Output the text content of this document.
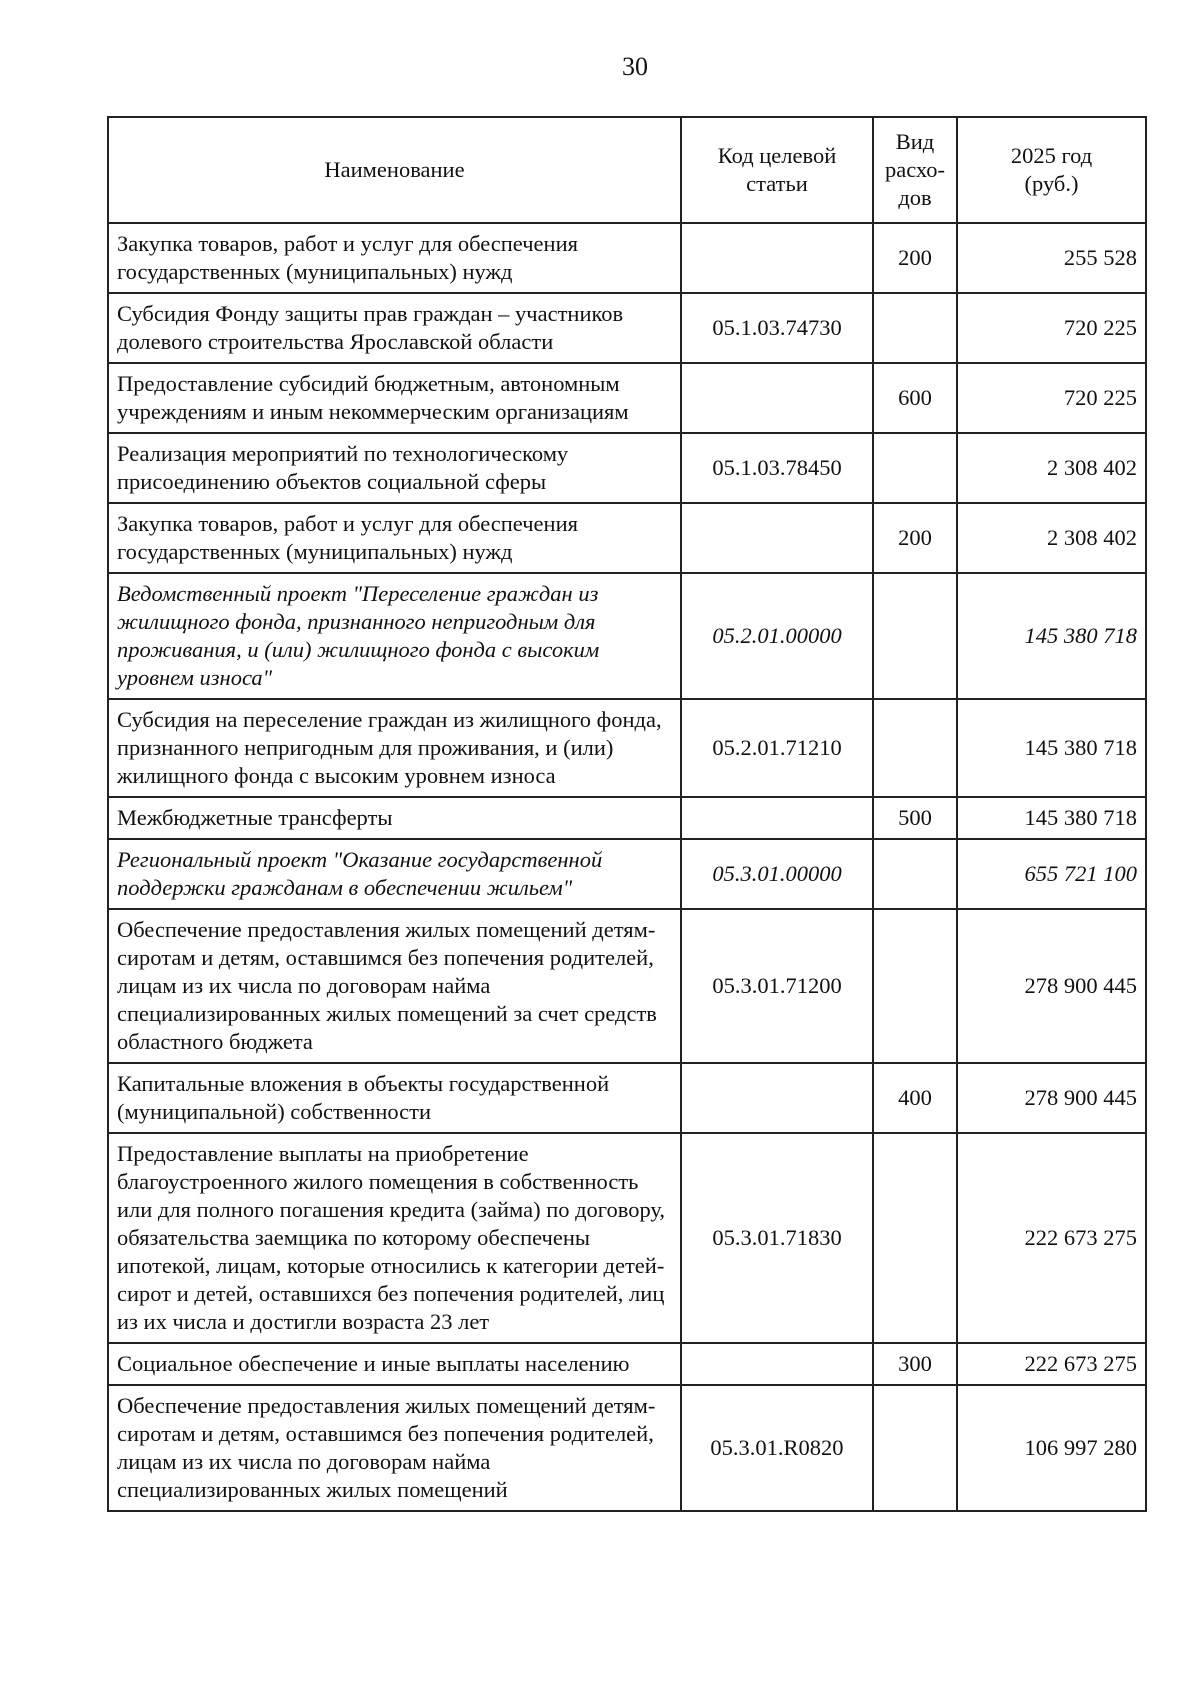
30
Наименование	Код целевой статьи	Вид расхо-дов	2025 год (руб.)
Закупка товаров, работ и услуг для обеспечения государственных (муниципальных) нужд		200	255 528
Субсидия Фонду защиты прав граждан – участников долевого строительства Ярославской области	05.1.03.74730		720 225
Предоставление субсидий бюджетным, автономным учреждениям и иным некоммерческим организациям		600	720 225
Реализация мероприятий по технологическому присоединению объектов социальной сферы	05.1.03.78450		2 308 402
Закупка товаров, работ и услуг для обеспечения государственных (муниципальных) нужд		200	2 308 402
Ведомственный проект "Переселение граждан из жилищного фонда, признанного непригодным для проживания, и (или) жилищного фонда с высоким уровнем износа"	05.2.01.00000		145 380 718
Субсидия на переселение граждан из жилищного фонда, признанного непригодным для проживания, и (или) жилищного фонда с высоким уровнем износа	05.2.01.71210		145 380 718
Межбюджетные трансферты		500	145 380 718
Региональный проект "Оказание государственной поддержки гражданам в обеспечении жильем"	05.3.01.00000		655 721 100
Обеспечение предоставления жилых помещений детям-сиротам и детям, оставшимся без попечения родителей, лицам из их числа по договорам найма специализированных жилых помещений за счет средств областного бюджета	05.3.01.71200		278 900 445
Капитальные вложения в объекты государственной (муниципальной) собственности		400	278 900 445
Предоставление выплаты на приобретение благоустроенного жилого помещения в собственность или для полного погашения кредита (займа) по договору, обязательства заемщика по которому обеспечены ипотекой, лицам, которые относились к категории детей-сирот и детей, оставшихся без попечения родителей, лиц из их числа и достигли возраста 23 лет	05.3.01.71830		222 673 275
Социальное обеспечение и иные выплаты населению		300	222 673 275
Обеспечение предоставления жилых помещений детям-сиротам и детям, оставшимся без попечения родителей, лицам из их числа по договорам найма специализированных жилых помещений	05.3.01.R0820		106 997 280
